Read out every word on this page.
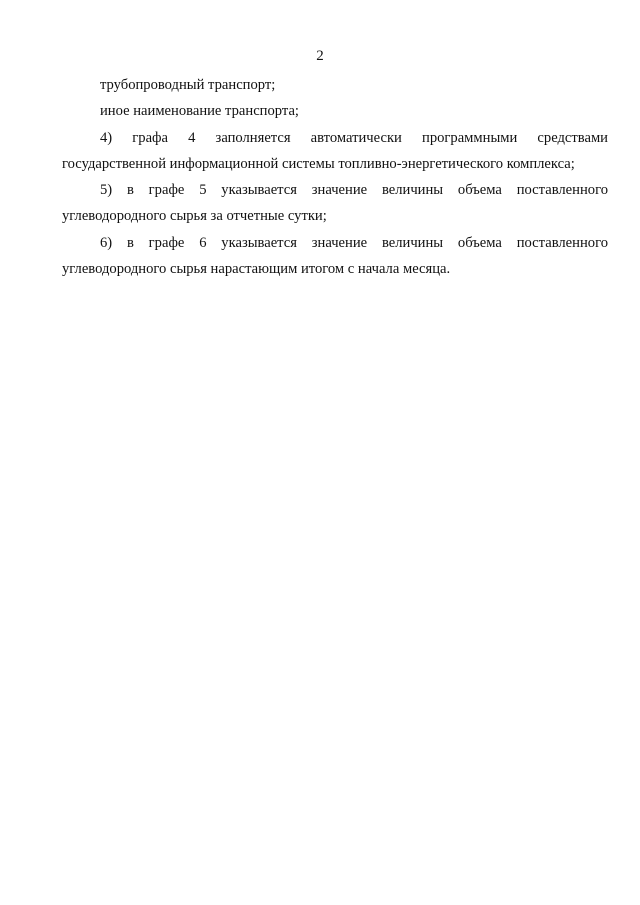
2

трубопроводный транспорт;

иное наименование транспорта;

4) графа 4 заполняется автоматически программными средствами государственной информационной системы топливно-энергетического комплекса;

5) в графе 5 указывается значение величины объема поставленного углеводородного сырья за отчетные сутки;

6) в графе 6 указывается значение величины объема поставленного углеводородного сырья нарастающим итогом с начала месяца.
